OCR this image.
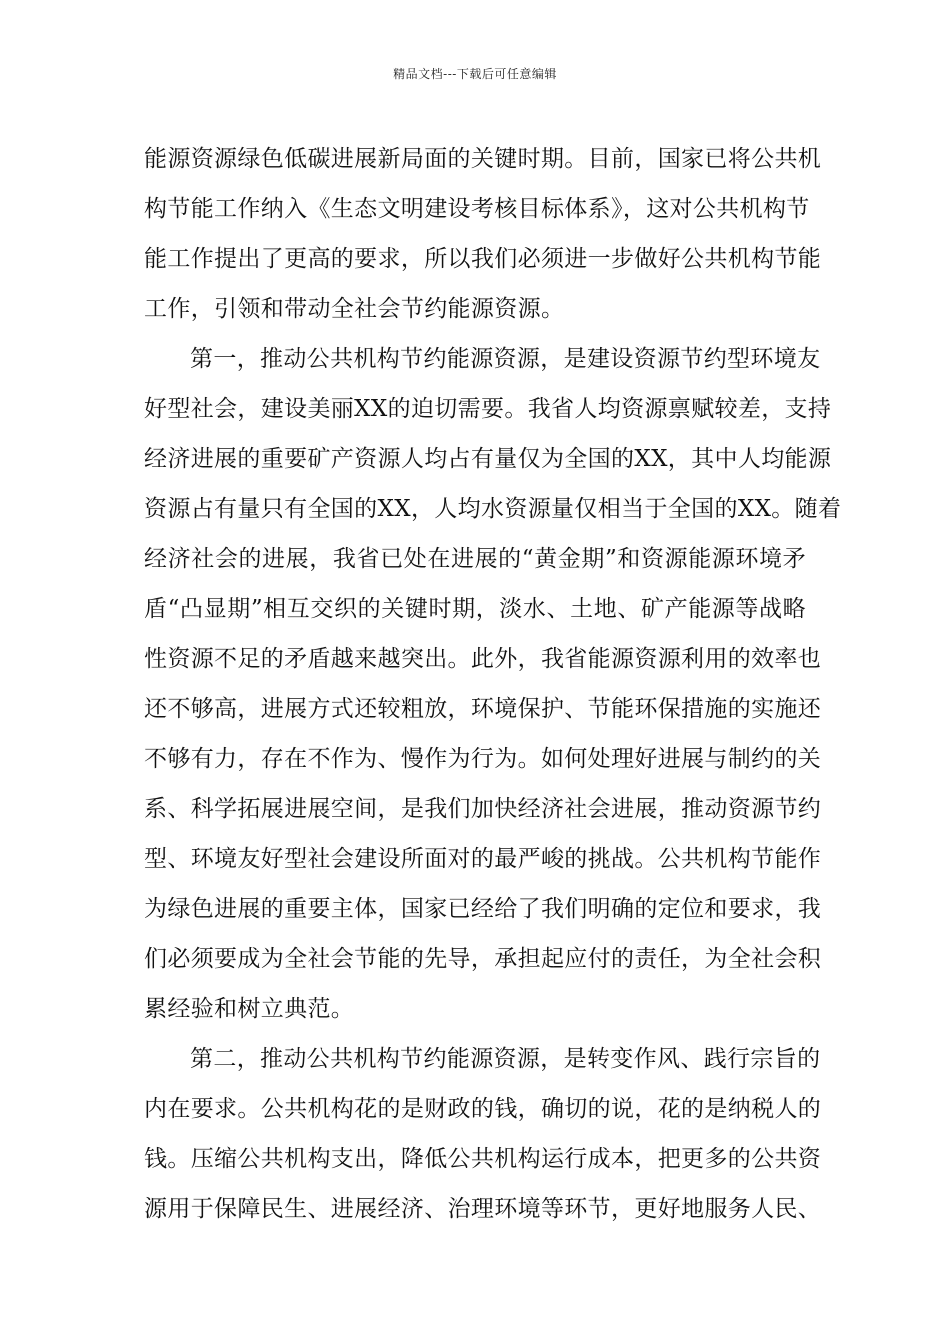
精品文档---下载后可任意编辑
能源资源绿色低碳进展新局面的关键时期。目前，国家已将公共机
构节能工作纳入《生态文明建设考核目标体系》，这对公共机构节
能工作提出了更高的要求，所以我们必须进一步做好公共机构节能
工作，引领和带动全社会节约能源资源。
第一，推动公共机构节约能源资源，是建设资源节约型环境友
好型社会，建设美丽XX的迫切需要。我省人均资源禀赋较差，支持
经济进展的重要矿产资源人均占有量仅为全国的XX，其中人均能源
资源占有量只有全国的XX，人均水资源量仅相当于全国的XX。随着
经济社会的进展，我省已处在进展的“黄金期”和资源能源环境矛
盾“凸显期”相互交织的关键时期，淡水、土地、矿产能源等战略
性资源不足的矛盾越来越突出。此外，我省能源资源利用的效率也
还不够高，进展方式还较粗放，环境保护、节能环保措施的实施还
不够有力，存在不作为、慢作为行为。如何处理好进展与制约的关
系、科学拓展进展空间，是我们加快经济社会进展，推动资源节约
型、环境友好型社会建设所面对的最严峻的挑战。公共机构节能作
为绿色进展的重要主体，国家已经给了我们明确的定位和要求，我
们必须要成为全社会节能的先导，承担起应付的责任，为全社会积
累经验和树立典范。
第二，推动公共机构节约能源资源，是转变作风、践行宗旨的
内在要求。公共机构花的是财政的钱，确切的说，花的是纳税人的
钱。压缩公共机构支出，降低公共机构运行成本，把更多的公共资
源用于保障民生、进展经济、治理环境等环节，更好地服务人民、
